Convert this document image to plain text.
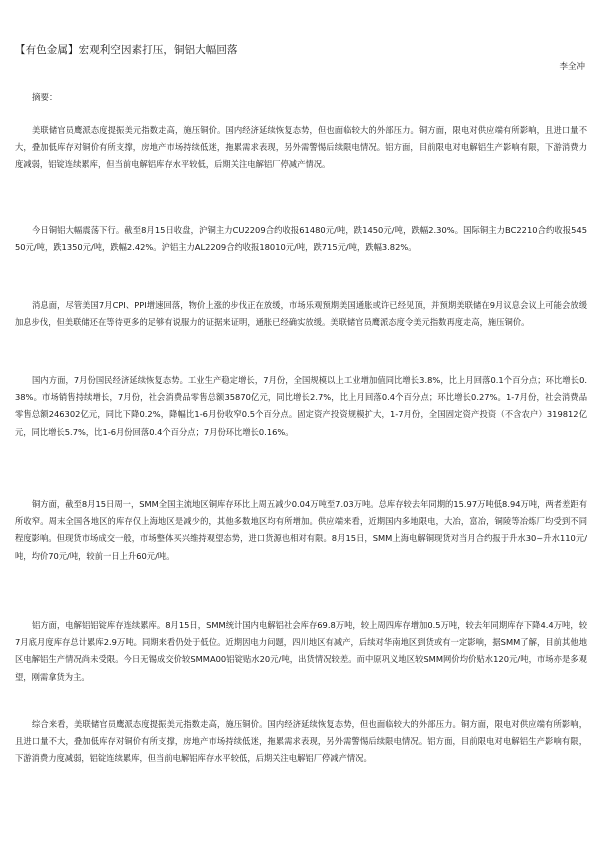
【有色金属】宏观利空因素打压，铜铝大幅回落
李全冲
摘要：

美联储官员鹰派态度提振美元指数走高，施压铜价。国内经济延续恢复态势，但也面临较大的外部压力。铜方面，限电对供应端有所影响，且进口量不大，叠加低库存对铜价有所支撑，房地产市场持续低迷，拖累需求表现，另外需警惕后续限电情况。铝方面，目前限电对电解铝生产影响有限，下游消费力度减弱，铝锭连续累库，但当前电解铝库存水平较低，后期关注电解铝厂停减产情况。

今日铜铝大幅震荡下行。截至8月15日收盘，沪铜主力CU2209合约收报61480元/吨，跌1450元/吨，跌幅2.30%。国际铜主力BC2210合约收报54550元/吨，跌1350元/吨，跌幅2.42%。沪铝主力AL2209合约收报18010元/吨，跌715元/吨，跌幅3.82%。

消息面，尽管美国7月CPI、PPI增速回落，物价上涨的步伐正在放缓，市场乐观预期美国通胀或许已经见顶，并预期美联储在9月议息会议上可能会放缓加息步伐，但美联储还在等待更多的足够有说服力的证据来证明，通胀已经确实放缓。美联储官员鹰派态度令美元指数再度走高，施压铜价。

国内方面，7月份国民经济延续恢复态势。工业生产稳定增长，7月份，全国规模以上工业增加值同比增长3.8%，比上月回落0.1个百分点；环比增长0.38%。市场销售持续增长，7月份，社会消费品零售总额35870亿元，同比增长2.7%，比上月回落0.4个百分点；环比增长0.27%。1-7月份，社会消费品零售总额246302亿元，同比下降0.2%，降幅比1-6月份收窄0.5个百分点。固定资产投资规模扩大，1-7月份，全国固定资产投资（不含农户）319812亿元，同比增长5.7%，比1-6月份回落0.4个百分点；7月份环比增长0.16%。

铜方面，截至8月15日周一，SMM全国主流地区铜库存环比上周五减少0.04万吨至7.03万吨。总库存较去年同期的15.97万吨低8.94万吨，两者差距有所收窄。周末全国各地区的库存仅上海地区是减少的，其他多数地区均有所增加。供应端来看，近期国内多地限电，大冶，富冶，铜陵等冶炼厂均受到不同程度影响。但现货市场成交一般，市场整体买兴维持观望态势，进口货源也相对有限。8月15日，SMM上海电解铜现货对当月合约报于升水30~升水110元/吨，均价70元/吨，较前一日上升60元/吨。

铝方面，电解铝铝锭库存连续累库。8月15日，SMM统计国内电解铝社会库存69.8万吨，较上周四库存增加0.5万吨，较去年同期库存下降4.4万吨，较7月底月度库存总计累库2.9万吨。同期来看仍处于低位。近期因电力问题，四川地区有减产，后续对华南地区到货或有一定影响，据SMM了解，目前其他地区电解铝生产情况尚未受限。今日无锡成交价较SMMA00铝锭贴水20元/吨，出货情况较差。而中原巩义地区较SMM网价均价贴水120元/吨，市场亦是多观望，刚需拿货为主。

综合来看，美联储官员鹰派态度提振美元指数走高，施压铜价。国内经济延续恢复态势，但也面临较大的外部压力。铜方面，限电对供应端有所影响，且进口量不大，叠加低库存对铜价有所支撑，房地产市场持续低迷，拖累需求表现，另外需警惕后续限电情况。铝方面，目前限电对电解铝生产影响有限，下游消费力度减弱，铝锭连续累库，但当前电解铝库存水平较低，后期关注电解铝厂停减产情况。
